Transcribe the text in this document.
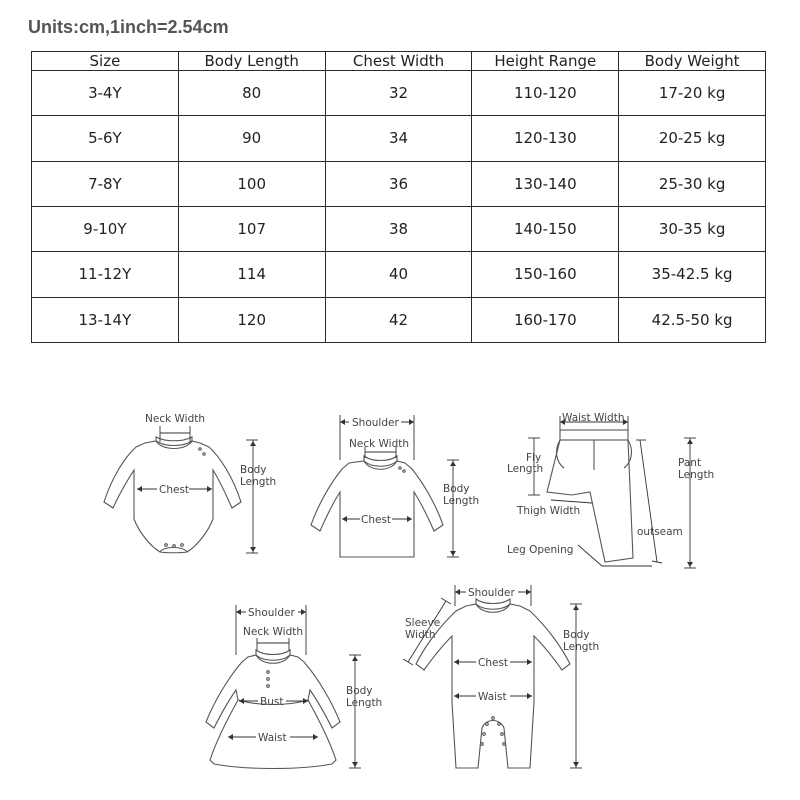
Units:cm,1inch=2.54cm
Size	Body Length	Chest Width	Height Range	Body Weight
3-4Y	80	32	110-120	17-20 kg
5-6Y	90	34	120-130	20-25 kg
7-8Y	100	36	130-140	25-30 kg
9-10Y	107	38	140-150	30-35 kg
11-12Y	114	40	150-160	35-42.5 kg
13-14Y	120	42	160-170	42.5-50 kg
Neck Width
Body
Length
Chest
Shoulder
Neck Width
Body
Length
Chest
Waist Width
Fly
Length	Pant
Length
Thigh Width
outseam
Leg Opening
Shoulder
Neck Width
Body
Length
Bust
Waist
Shoulder
Sleeve
Width	Body
Length
Chest
Waist
